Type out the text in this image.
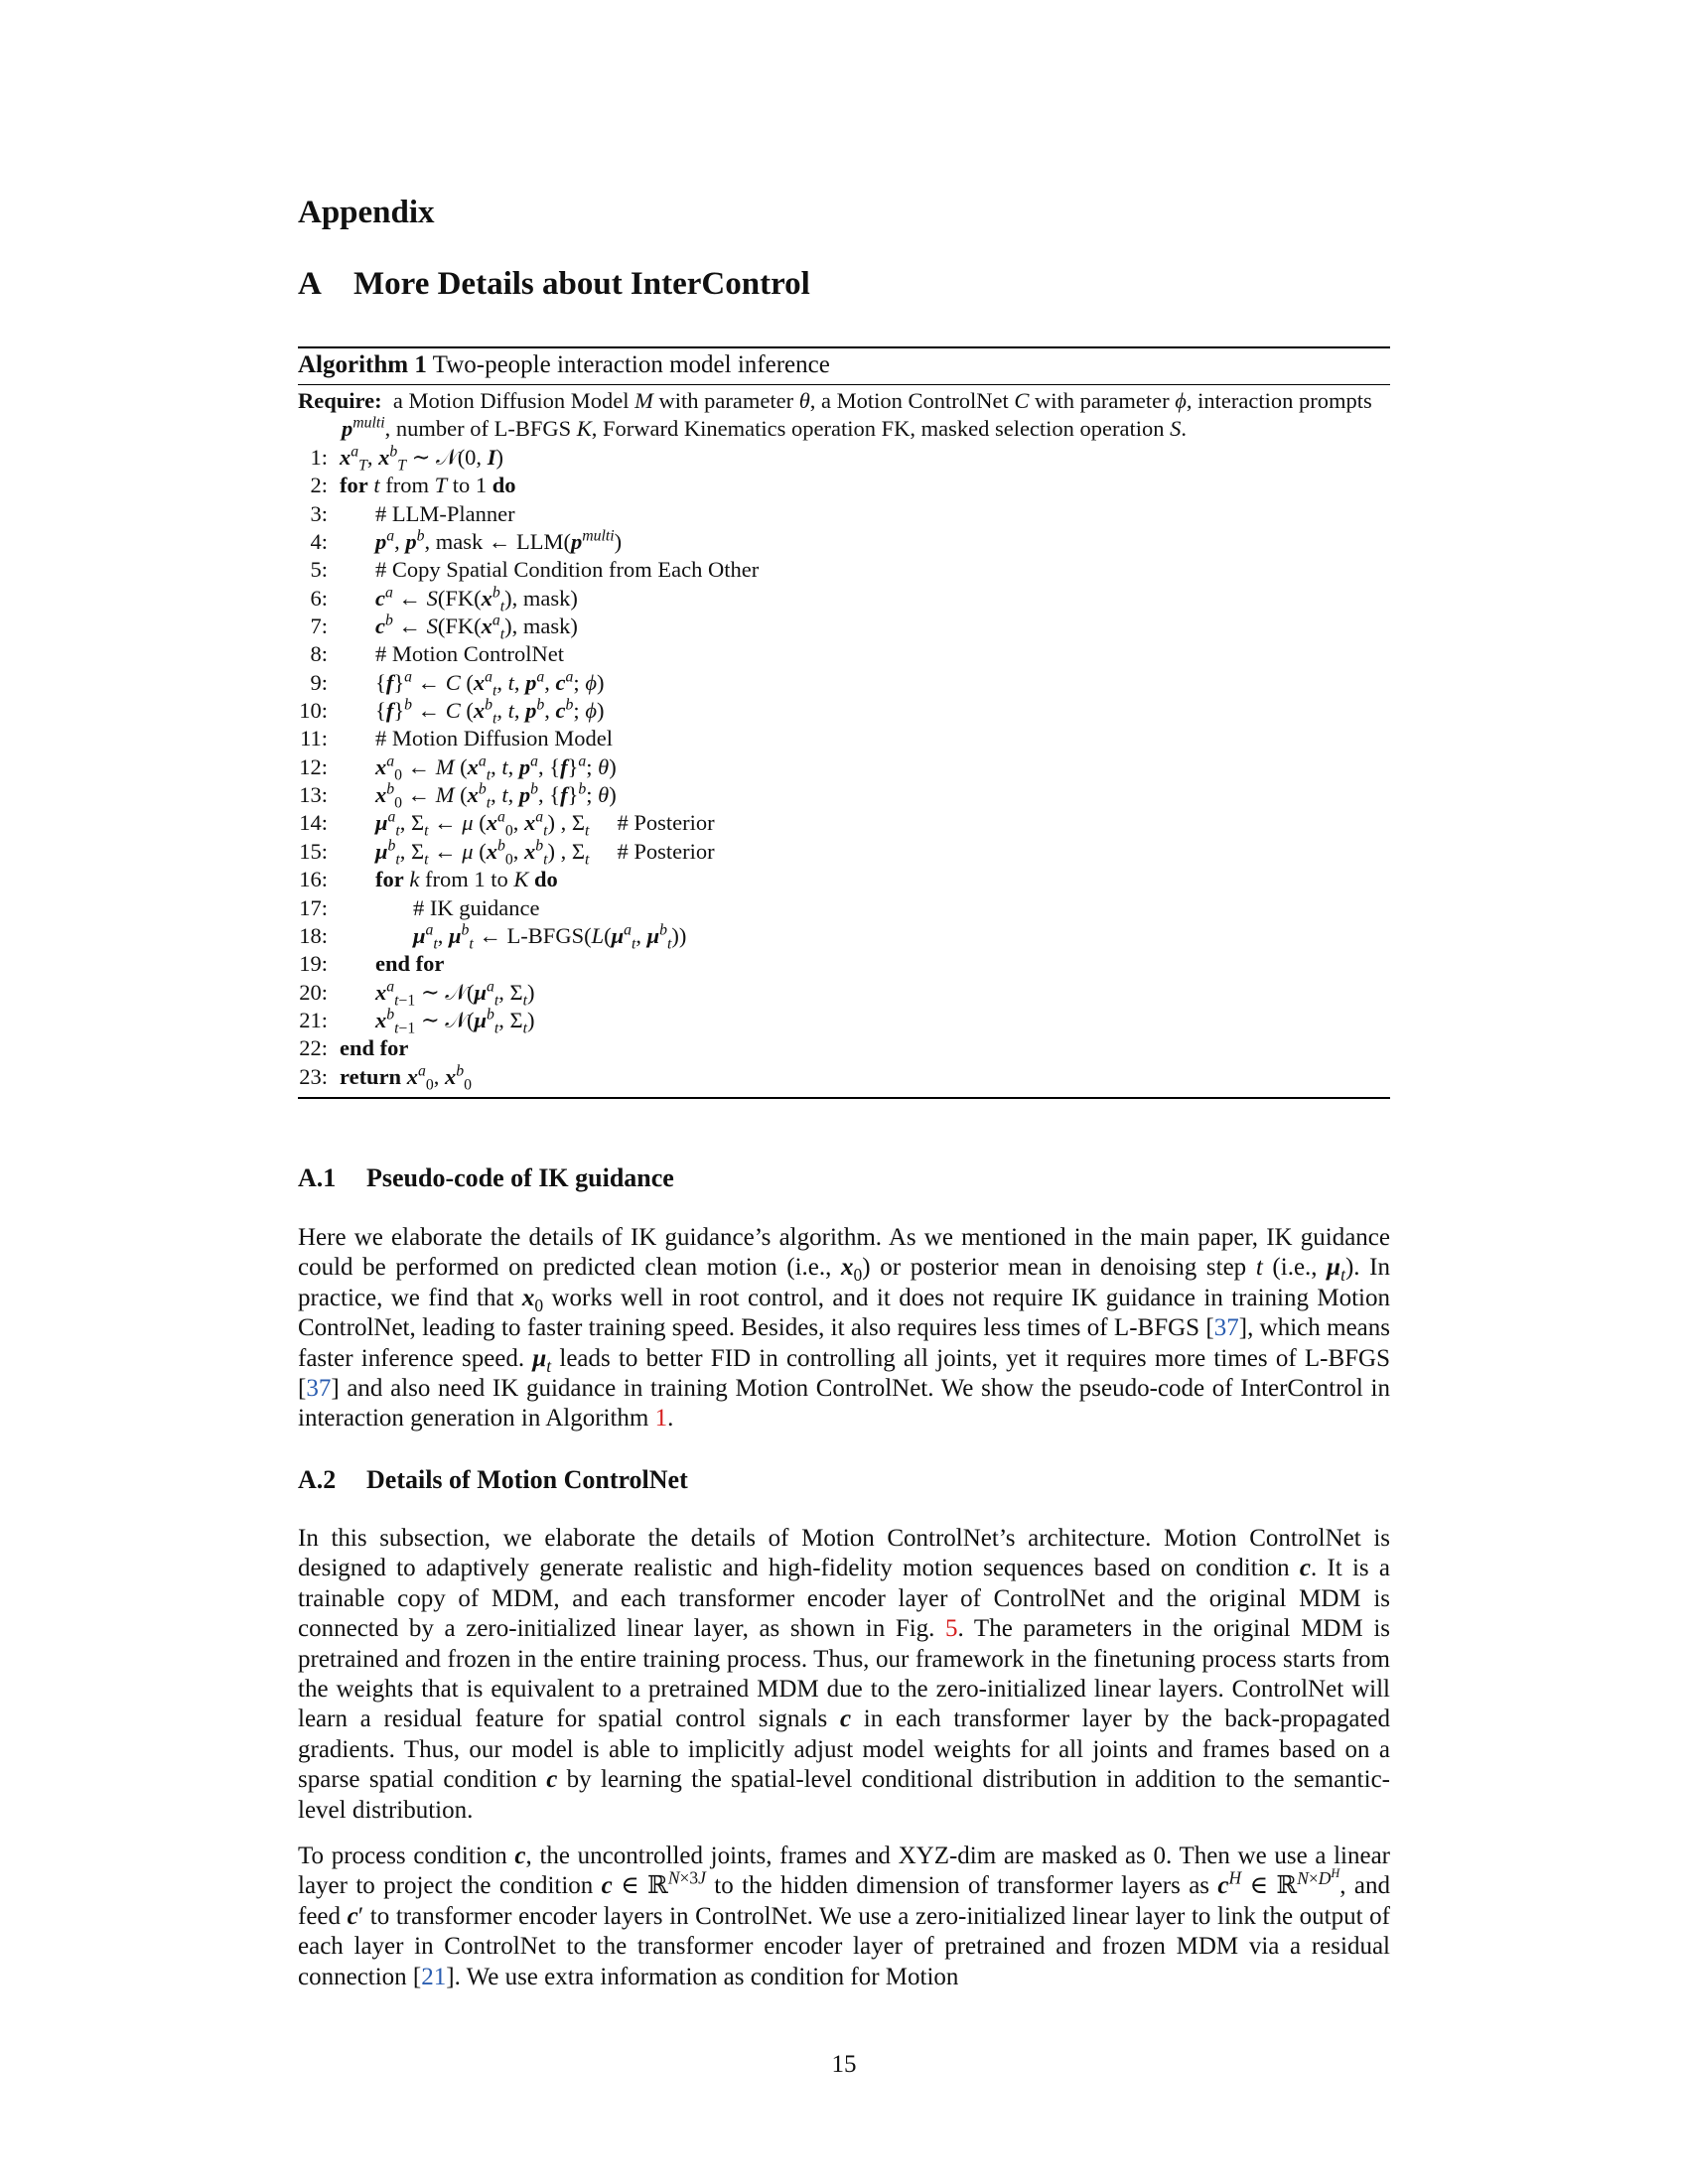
Appendix
A More Details about InterControl
Algorithm 1 Two-people interaction model inference
Require:  a Motion Diffusion Model M with parameter θ, a Motion ControlNet C with parameter ϕ, interaction prompts $p^{multi}$, number of L-BFGS K, Forward Kinematics operation FK, masked selection operation S.
1: $x^a_T$, $x^b_T$ ∼ 𝒩(0, I)
2: for t from T to 1 do
3: # LLM-Planner
4: $p^a$, $p^b$, mask ← $LLM(p^{multi})$
5: # Copy Spatial Condition from Each Other
6: $c^a$ ← $S(FK(x^b_t)$, mask)
7: $c^b$ ← $S(FK(x^a_t)$, mask)
8: # Motion ControlNet
9: $\{f\}^a$ ← C ($x^a_t$, t, $p^a$, $c^a$; ϕ)
10: $\{f\}^b$ ← C ($x^b_t$, t, $p^b$, $c^b$; ϕ)
11: # Motion Diffusion Model
12: $x^a_0$ ← M ($x^a_t$, t, $p^a$, $\{f\}^a$; θ)
13: $x^b_0$ ← M ($x^b_t$, t, $p^b$, $\{f\}^b$; θ)
14: $\mu^a_t$, $\Sigma_t$ ← μ ($x^a_0$, $x^a_t$) , $\Sigma_t$ # Posterior
15: $\mu^b_t$, $\Sigma_t$ ← μ ($x^b_0$, $x^b_t$) , $\Sigma_t$ # Posterior
16: for k from 1 to K do
17:	# IK guidance
18:	$\mu^a_t$, $\mu^b_t$ ← $L-BFGS(L(\mu^a_t$, $\mu^b_t$))
19: end for
20: $x^a_{t-1}$ ∼ $𝒩(\mu^a_t$, $\Sigma_t$)
21: $x^b_{t-1}$ ∼ $𝒩(\mu^b_t$, $\Sigma_t$)
22: end for
23: return $x^a_0$, $x^b_0$
A.1 Pseudo-code of IK guidance

Here we elaborate the details of IK guidance’s algorithm. As we mentioned in the main paper, IK guidance could be performed on predicted clean motion (i.e., $x_0$) or posterior mean in denoising step t (i.e., $\mu_t$). In practice, we find that $x_0$ works well in root control, and it does not require IK guidance in training Motion ControlNet, leading to faster training speed. Besides, it also requires less times of L-BFGS [37], which means faster inference speed. $\mu_t$ leads to better FID in controlling all joints, yet it requires more times of L-BFGS [37] and also need IK guidance in training Motion ControlNet. We show the pseudo-code of InterControl in interaction generation in Algorithm 1.

A.2 Details of Motion ControlNet

In this subsection, we elaborate the details of Motion ControlNet’s architecture. Motion ControlNet is designed to adaptively generate realistic and high-fidelity motion sequences based on condition c. It is a trainable copy of MDM, and each transformer encoder layer of ControlNet and the original MDM is connected by a zero-initialized linear layer, as shown in Fig. 5. The parameters in the original MDM is pretrained and frozen in the entire training process. Thus, our framework in the finetuning process starts from the weights that is equivalent to a pretrained MDM due to the zero-initialized linear layers. ControlNet will learn a residual feature for spatial control signals c in each transformer layer by the back-propagated gradients. Thus, our model is able to implicitly adjust model weights for all joints and frames based on a sparse spatial condition c by learning the spatial-level conditional distribution in addition to the semantic-level distribution.

To process condition c, the uncontrolled joints, frames and XYZ-dim are masked as 0. Then we use a linear layer to project the condition c ∈ ℝ$^{N\times 3J}$ to the hidden dimension of transformer layers as $c^H$ ∈ ℝ$^{N\times D^H}$, and feed c′ to transformer encoder layers in ControlNet. We use a zero-initialized linear layer to link the output of each layer in ControlNet to the transformer encoder layer of pretrained and frozen MDM via a residual connection [21]. We use extra information as condition for Motion

15
